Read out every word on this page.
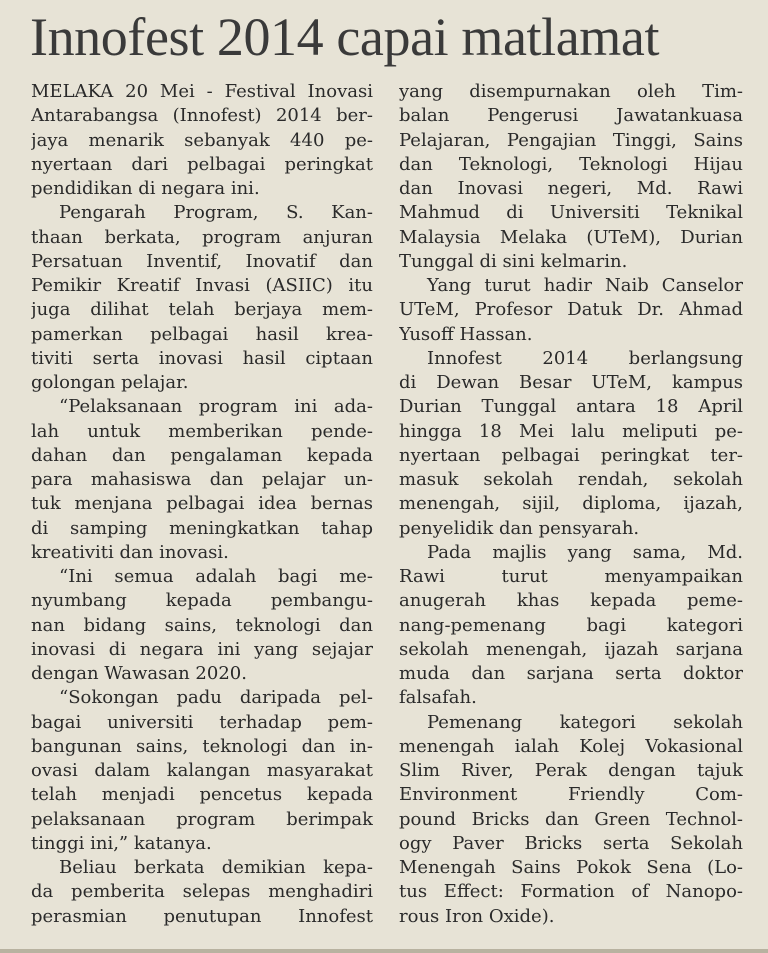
Innofest 2014 capai matlamat
MELAKA 20 Mei - Festival Inovasi
Antarabangsa (Innofest) 2014 ber-
jaya menarik sebanyak 440 pe-
nyertaan dari pelbagai peringkat
pendidikan di negara ini.
Pengarah Program, S. Kan-
thaan berkata, program anjuran
Persatuan Inventif, Inovatif dan
Pemikir Kreatif Invasi (ASIIC) itu
juga dilihat telah berjaya mem-
pamerkan pelbagai hasil krea-
tiviti serta inovasi hasil ciptaan
golongan pelajar.
“Pelaksanaan program ini ada-
lah untuk memberikan pende-
dahan dan pengalaman kepada
para mahasiswa dan pelajar un-
tuk menjana pelbagai idea bernas
di samping meningkatkan tahap
kreativiti dan inovasi.
“Ini semua adalah bagi me-
nyumbang kepada pembangu-
nan bidang sains, teknologi dan
inovasi di negara ini yang sejajar
dengan Wawasan 2020.
“Sokongan padu daripada pel-
bagai universiti terhadap pem-
bangunan sains, teknologi dan in-
ovasi dalam kalangan masyarakat
telah menjadi pencetus kepada
pelaksanaan program berimpak
tinggi ini,” katanya.
Beliau berkata demikian kepa-
da pemberita selepas menghadiri
perasmian penutupan Innofest
yang disempurnakan oleh Tim-
balan Pengerusi Jawatankuasa
Pelajaran, Pengajian Tinggi, Sains
dan Teknologi, Teknologi Hijau
dan Inovasi negeri, Md. Rawi
Mahmud di Universiti Teknikal
Malaysia Melaka (UTeM), Durian
Tunggal di sini kelmarin.
Yang turut hadir Naib Canselor
UTeM, Profesor Datuk Dr. Ahmad
Yusoff Hassan.
Innofest 2014 berlangsung
di Dewan Besar UTeM, kampus
Durian Tunggal antara 18 April
hingga 18 Mei lalu meliputi pe-
nyertaan pelbagai peringkat ter-
masuk sekolah rendah, sekolah
menengah, sijil, diploma, ijazah,
penyelidik dan pensyarah.
Pada majlis yang sama, Md.
Rawi turut menyampaikan
anugerah khas kepada peme-
nang-pemenang bagi kategori
sekolah menengah, ijazah sarjana
muda dan sarjana serta doktor
falsafah.
Pemenang kategori sekolah
menengah ialah Kolej Vokasional
Slim River, Perak dengan tajuk
Environment Friendly Com-
pound Bricks dan Green Technol-
ogy Paver Bricks serta Sekolah
Menengah Sains Pokok Sena (Lo-
tus Effect: Formation of Nanopo-
rous Iron Oxide).
